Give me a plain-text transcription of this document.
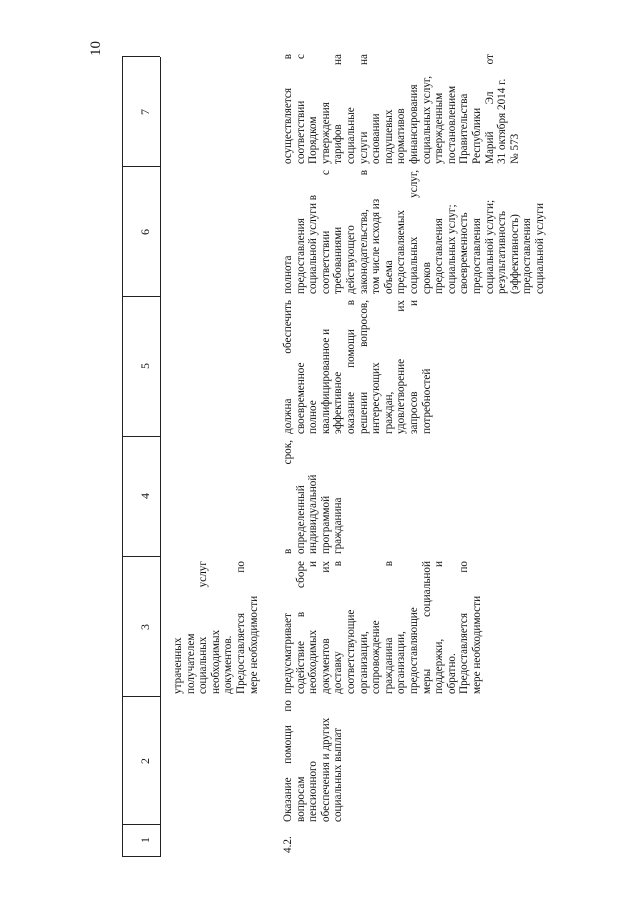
10
1
2
3
4
5
6
7

утраченных получателем социальных услуг необходимых документов. Предоставляется по мере необходимости

4.2.

Оказание помощи по вопросам пенсионного обеспечения и других социальных выплат

предусматривает содействие в сборе необходимых и документов их доставку в соответствующие организации, сопровождение гражданина в организации, предоставляющие меры социальной поддержки, и обратно. Предоставляется по мере необходимости

в срок, определенный индивидуальной программой гражданина

должна обеспечить своевременное полное квалифицированное и эффективное оказание помощи в решении вопросов, интересующих граждан, удовлетворение их запросов и потребностей

полнота предоставления социальной услуги в соответствии с требованиями действующего законодательства, в том числе исходя из объема предоставляемых социальных услуг, сроков предоставления социальных услуг; своевременность предоставления социальной услуги; результативность (эффективность) предоставления социальной услуги

осуществляется в соответствии с Порядком утверждения тарифов на социальные услуги на основании подушевых нормативов финансирования социальных услуг, утвержденным постановлением Правительства Республики Марий Эл от 31 октября 2014 г. № 573
